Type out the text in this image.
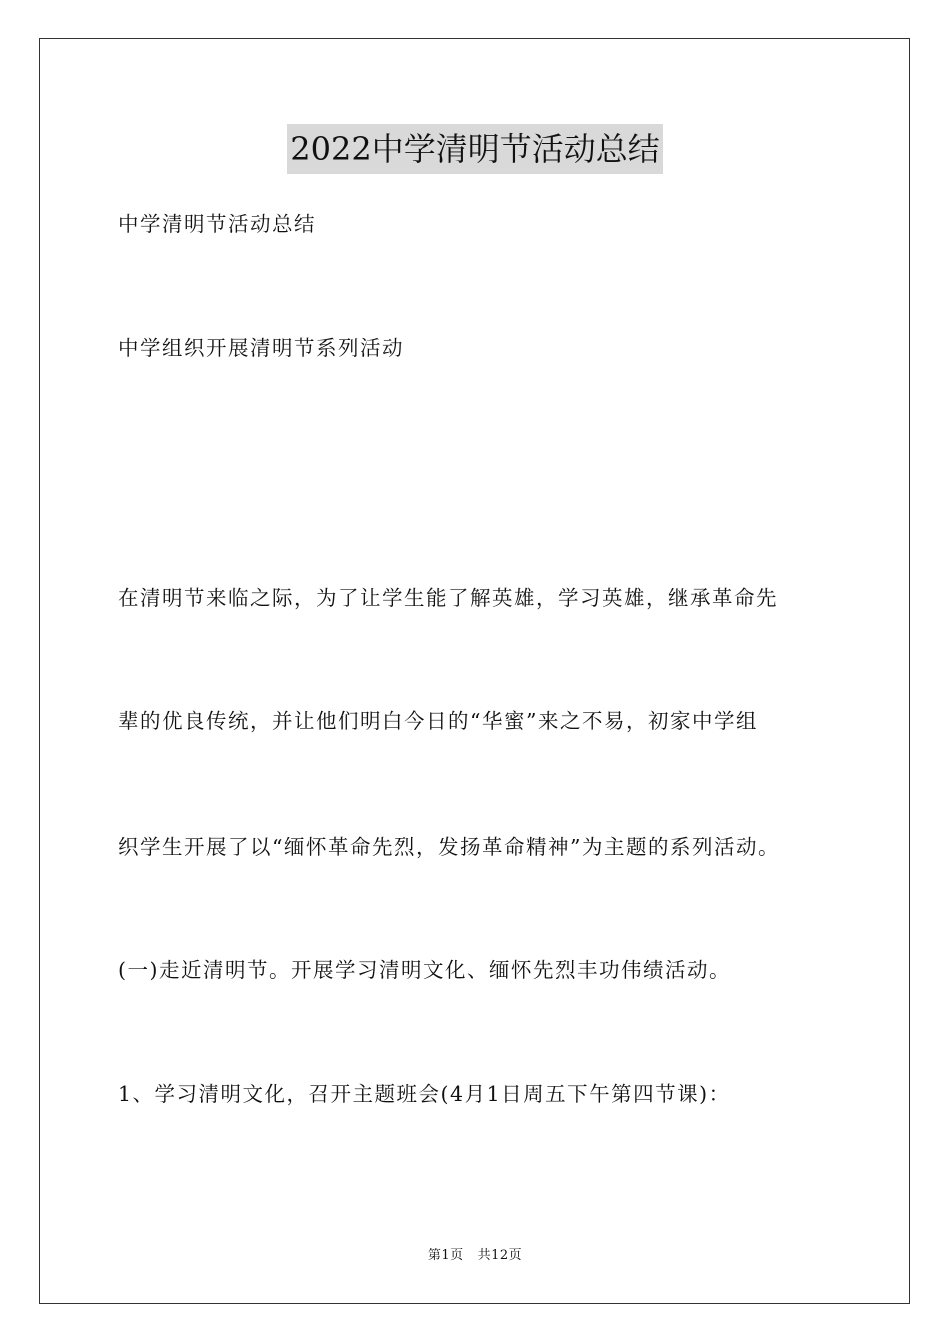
2022中学清明节活动总结

中学清明节活动总结

中学组织开展清明节系列活动

在清明节来临之际，为了让学生能了解英雄，学习英雄，继承革命先

辈的优良传统，并让他们明白今日的“华蜜”来之不易，初家中学组

织学生开展了以“缅怀革命先烈，发扬革命精神”为主题的系列活动。

(一)走近清明节。开展学习清明文化、缅怀先烈丰功伟绩活动。

1、学习清明文化，召开主题班会(4月1日周五下午第四节课)：

第1页 共12页
